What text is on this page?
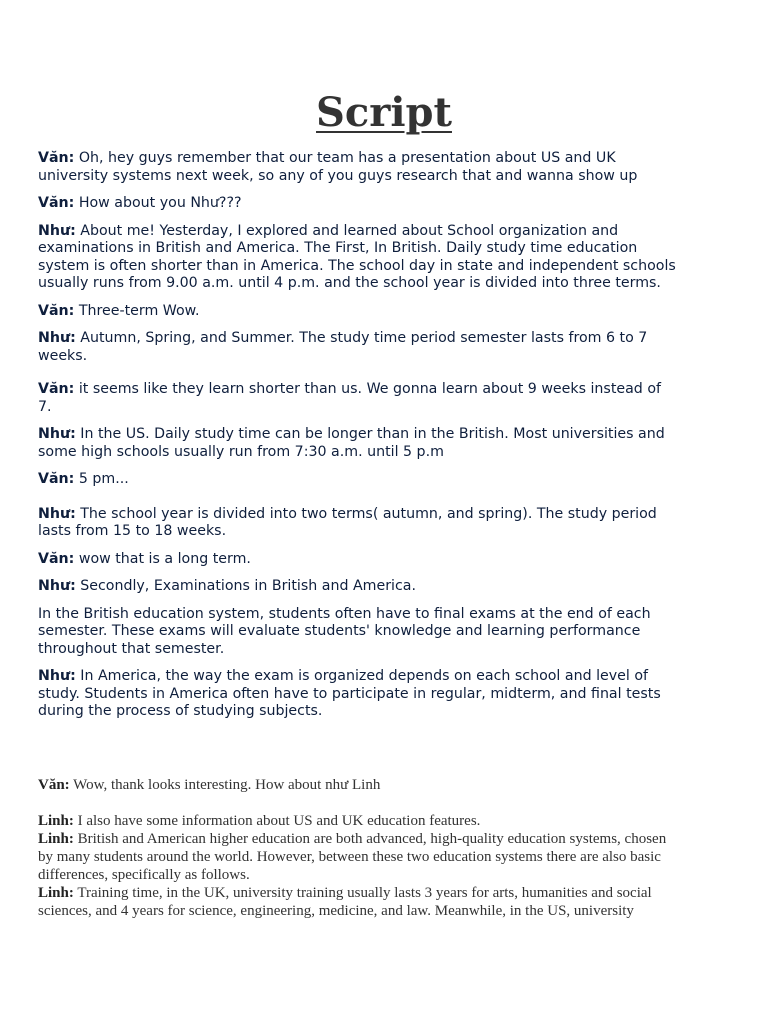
Script

Văn: Oh, hey guys remember that our team has a presentation about US and UK university systems next week, so any of you guys research that and wanna show up

Văn: How about you Như???

Như: About me! Yesterday, I explored and learned about School organization and examinations in British and America. The First, In British. Daily study time education system is often shorter than in America. The school day in state and independent schools usually runs from 9.00 a.m. until 4 p.m. and the school year is divided into three terms.

Văn: Three-term Wow.

Như: Autumn, Spring, and Summer. The study time period semester lasts from 6 to 7 weeks.

Văn: it seems like they learn shorter than us. We gonna learn about 9 weeks instead of 7.

Như: In the US. Daily study time can be longer than in the British. Most universities and some high schools usually run from 7:30 a.m. until 5 p.m

Văn: 5 pm...

Như: The school year is divided into two terms( autumn, and spring). The study period lasts from 15 to 18 weeks.

Văn: wow that is a long term.

Như: Secondly, Examinations in British and America.

In the British education system, students often have to final exams at the end of each semester. These exams will evaluate students' knowledge and learning performance throughout that semester.

Như: In America, the way the exam is organized depends on each school and level of study. Students in America often have to participate in regular, midterm, and final tests during the process of studying subjects.

Văn: Wow, thank looks interesting. How about như Linh

Linh: I also have some information about US and UK education features.

Linh: British and American higher education are both advanced, high-quality education systems, chosen by many students around the world. However, between these two education systems there are also basic differences, specifically as follows.

Linh: Training time, in the UK, university training usually lasts 3 years for arts, humanities and social sciences, and 4 years for science, engineering, medicine, and law. Meanwhile, in the US, university
